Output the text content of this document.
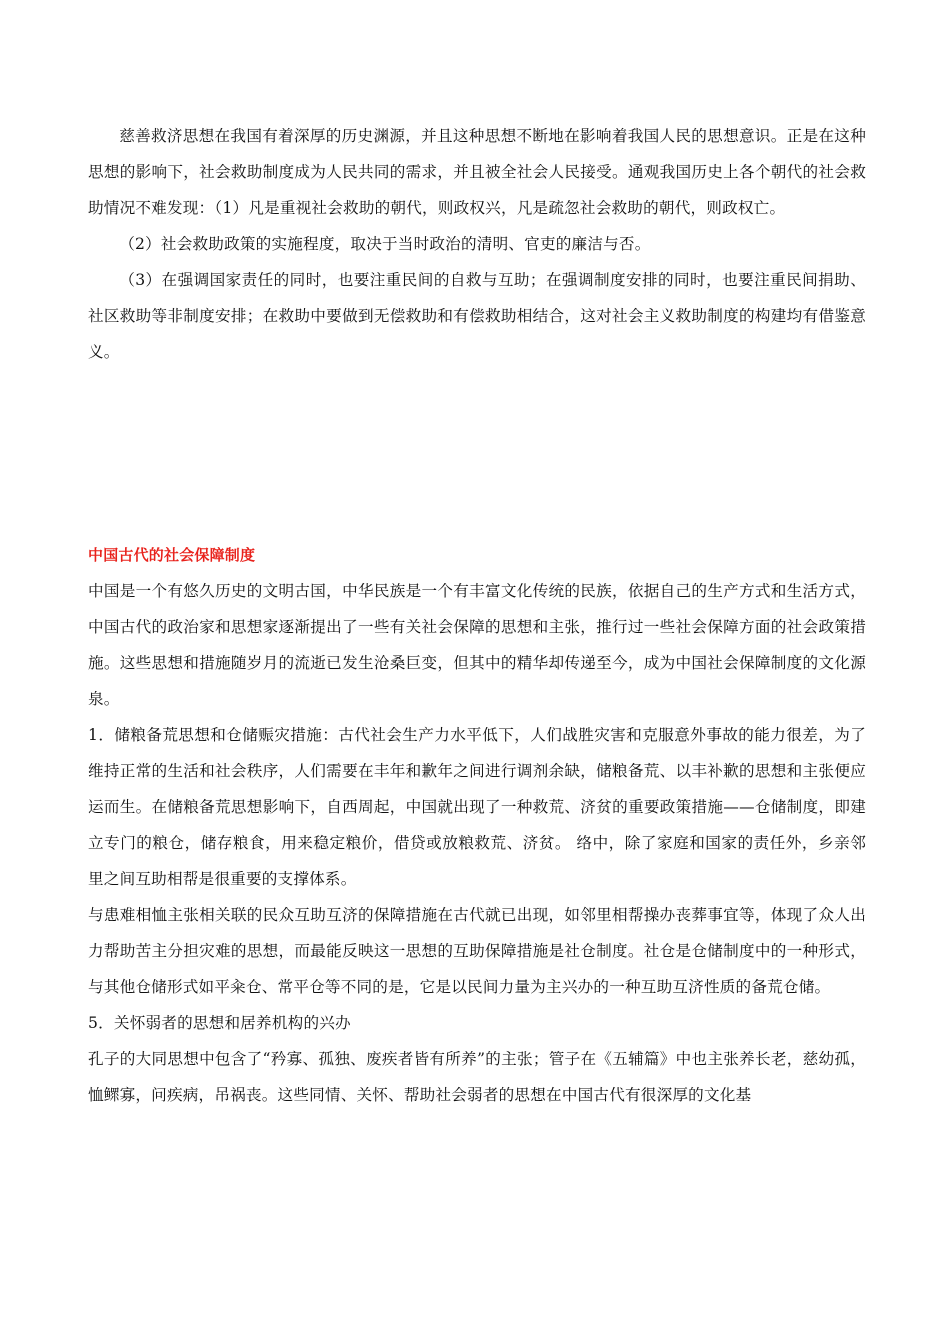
慈善救济思想在我国有着深厚的历史渊源，并且这种思想不断地在影响着我国人民的思想意识。正是在这种思想的影响下，社会救助制度成为人民共同的需求，并且被全社会人民接受。通观我国历史上各个朝代的社会救助情况不难发现：（1）凡是重视社会救助的朝代，则政权兴，凡是疏忽社会救助的朝代，则政权亡。

（2）社会救助政策的实施程度，取决于当时政治的清明、官吏的廉洁与否。

（3）在强调国家责任的同时，也要注重民间的自救与互助；在强调制度安排的同时，也要注重民间捐助、社区救助等非制度安排；在救助中要做到无偿救助和有偿救助相结合，这对社会主义救助制度的构建均有借鉴意义。

中国古代的社会保障制度

中国是一个有悠久历史的文明古国，中华民族是一个有丰富文化传统的民族，依据自己的生产方式和生活方式，中国古代的政治家和思想家逐渐提出了一些有关社会保障的思想和主张，推行过一些社会保障方面的社会政策措施。这些思想和措施随岁月的流逝已发生沧桑巨变，但其中的精华却传递至今，成为中国社会保障制度的文化源泉。

1．储粮备荒思想和仓储赈灾措施：古代社会生产力水平低下，人们战胜灾害和克服意外事故的能力很差，为了维持正常的生活和社会秩序，人们需要在丰年和歉年之间进行调剂余缺，储粮备荒、以丰补歉的思想和主张便应运而生。在储粮备荒思想影响下，自西周起，中国就出现了一种救荒、济贫的重要政策措施——仓储制度，即建立专门的粮仓，储存粮食，用来稳定粮价，借贷或放粮救荒、济贫。 络中，除了家庭和国家的责任外，乡亲邻里之间互助相帮是很重要的支撑体系。

与患难相恤主张相关联的民众互助互济的保障措施在古代就已出现，如邻里相帮操办丧葬事宜等，体现了众人出力帮助苦主分担灾难的思想，而最能反映这一思想的互助保障措施是社仓制度。社仓是仓储制度中的一种形式，与其他仓储形式如平籴仓、常平仓等不同的是，它是以民间力量为主兴办的一种互助互济性质的备荒仓储。

5．关怀弱者的思想和居养机构的兴办

孔子的大同思想中包含了“矜寡、孤独、废疾者皆有所养”的主张；管子在《五辅篇》中也主张养长老，慈幼孤，恤鳏寡，问疾病，吊祸丧。这些同情、关怀、帮助社会弱者的思想在中国古代有很深厚的文化基
